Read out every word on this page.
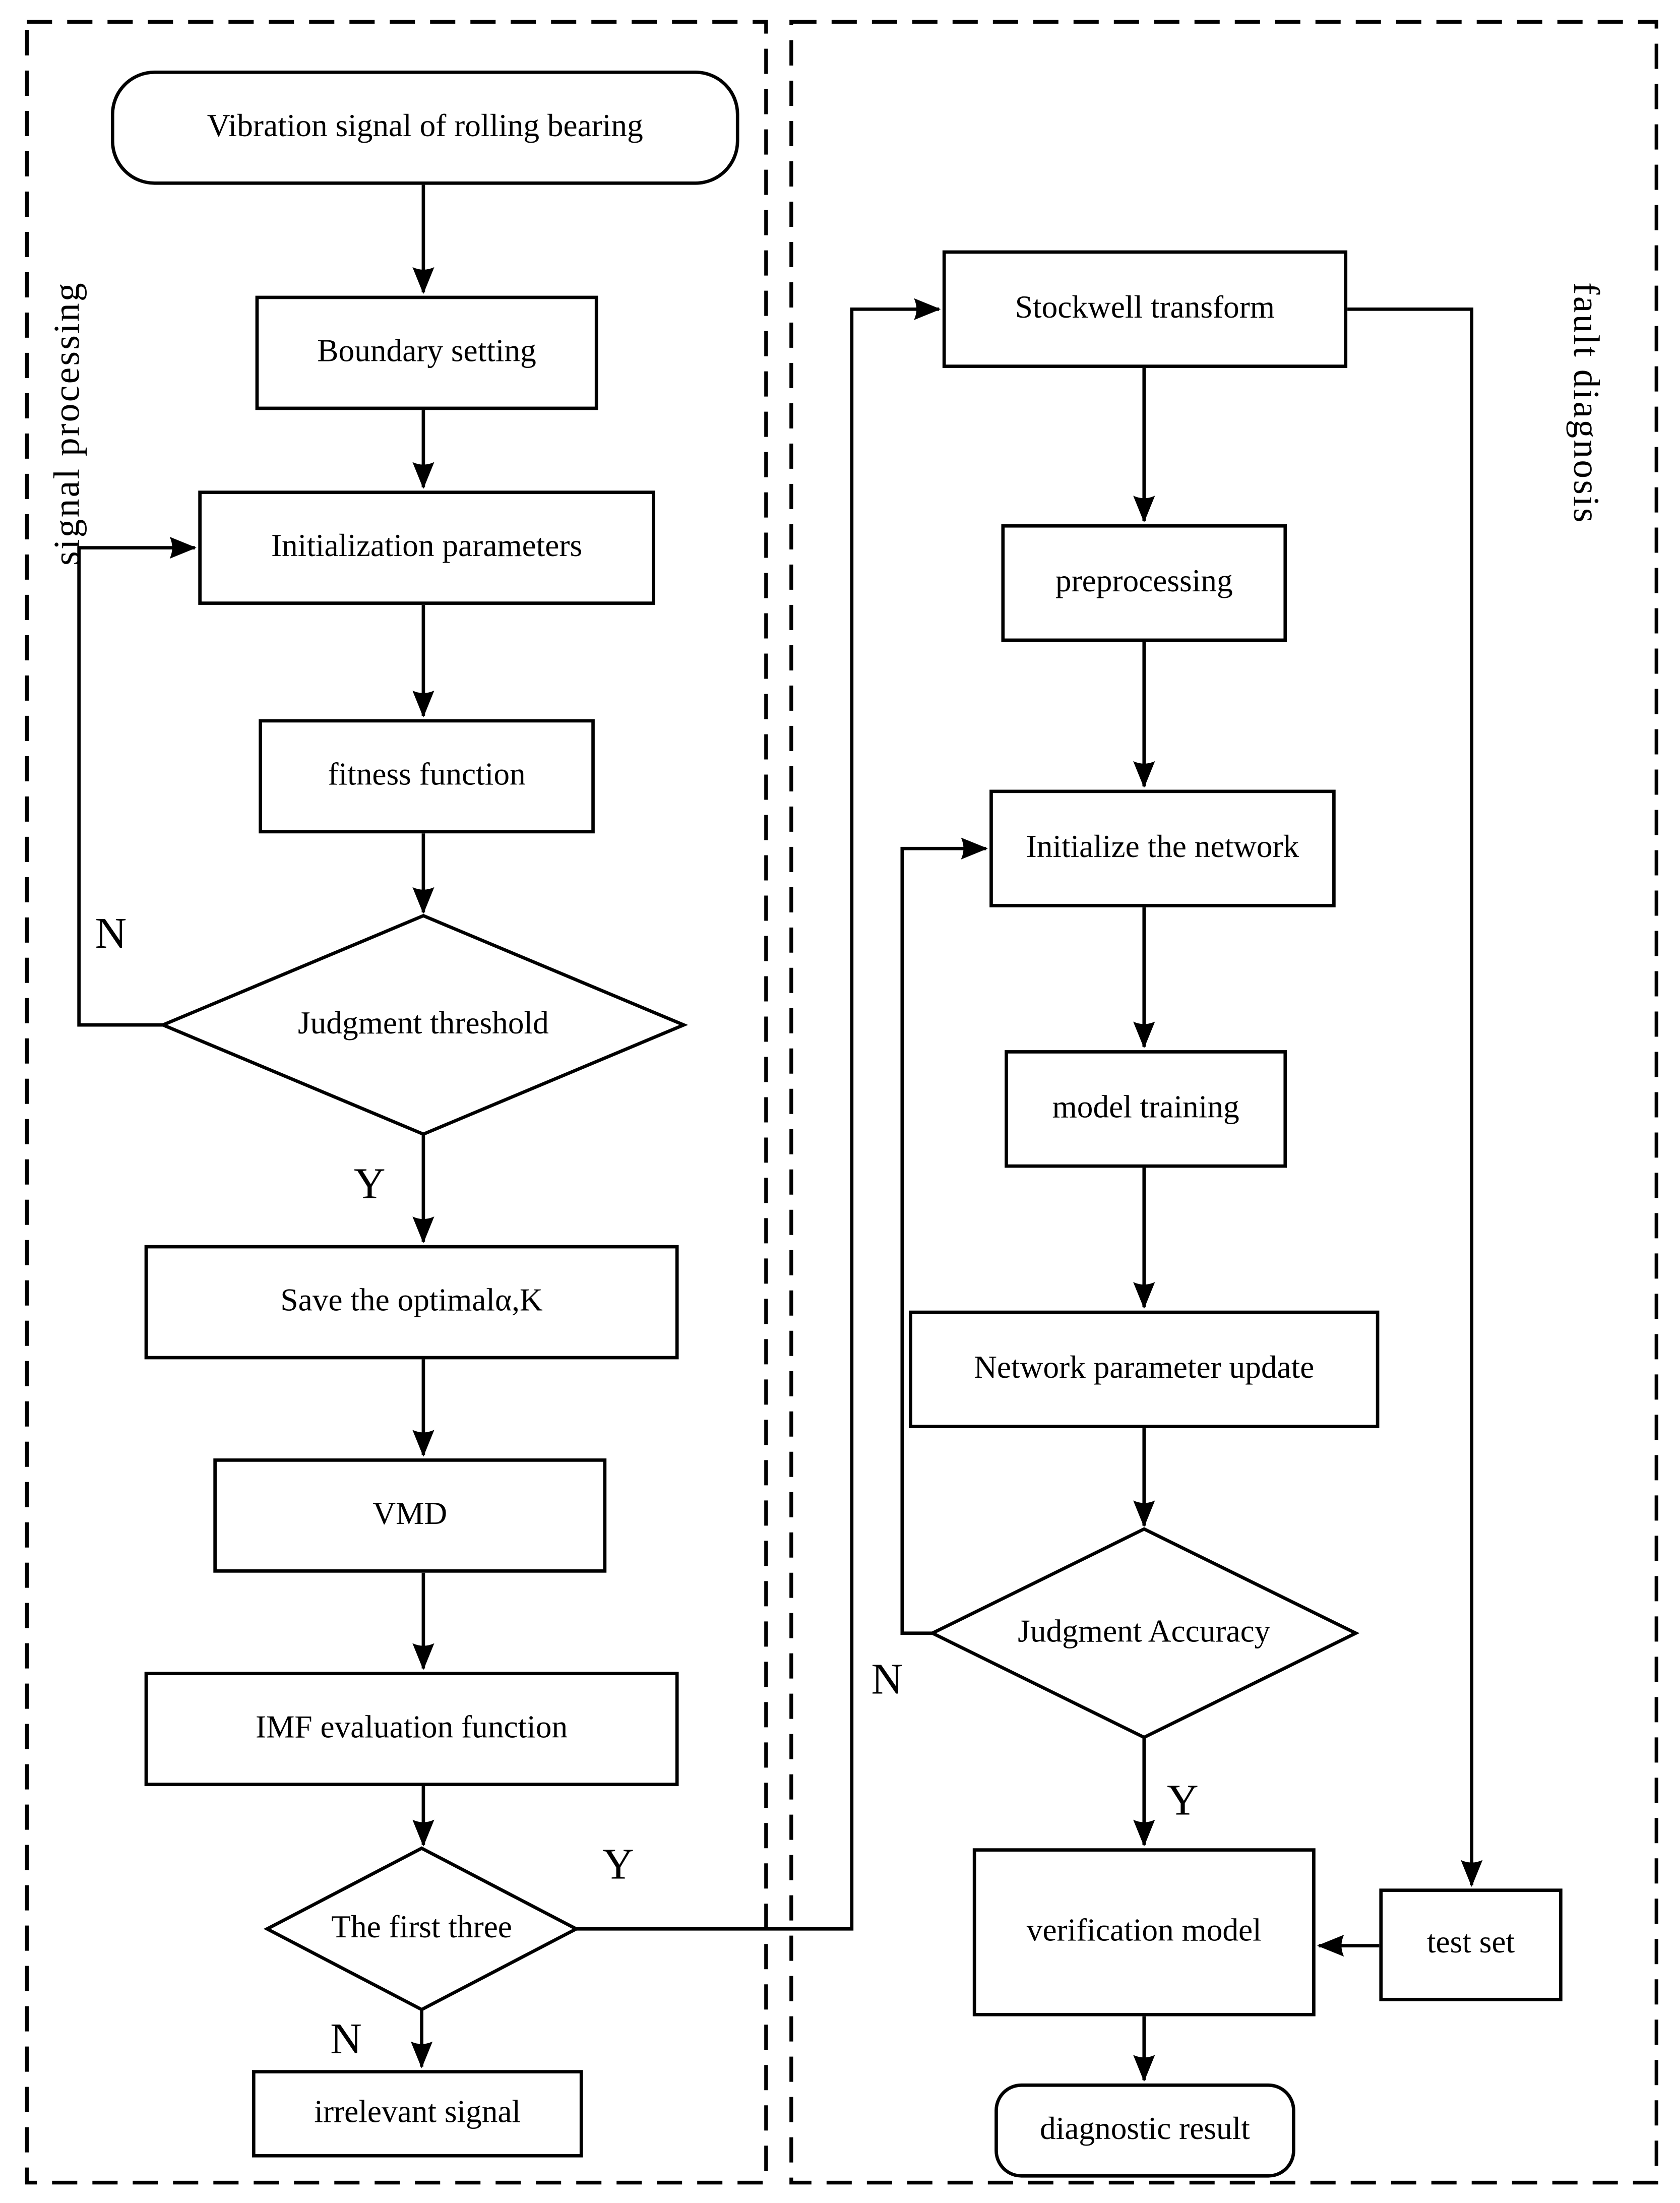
signal processing	fault diagnosis
Vibration signal of rolling bearing
Boundary setting
Initialization parameters
fitness function
Judgment threshold
Save the optimalα,K
VMD
IMF evaluation function
The first three
irrelevant signal
Stockwell transform
preprocessing
Initialize the network
model training
Network parameter update
Judgment Accuracy
verification model	test set
diagnostic result
N
Y
Y
N
N
Y
